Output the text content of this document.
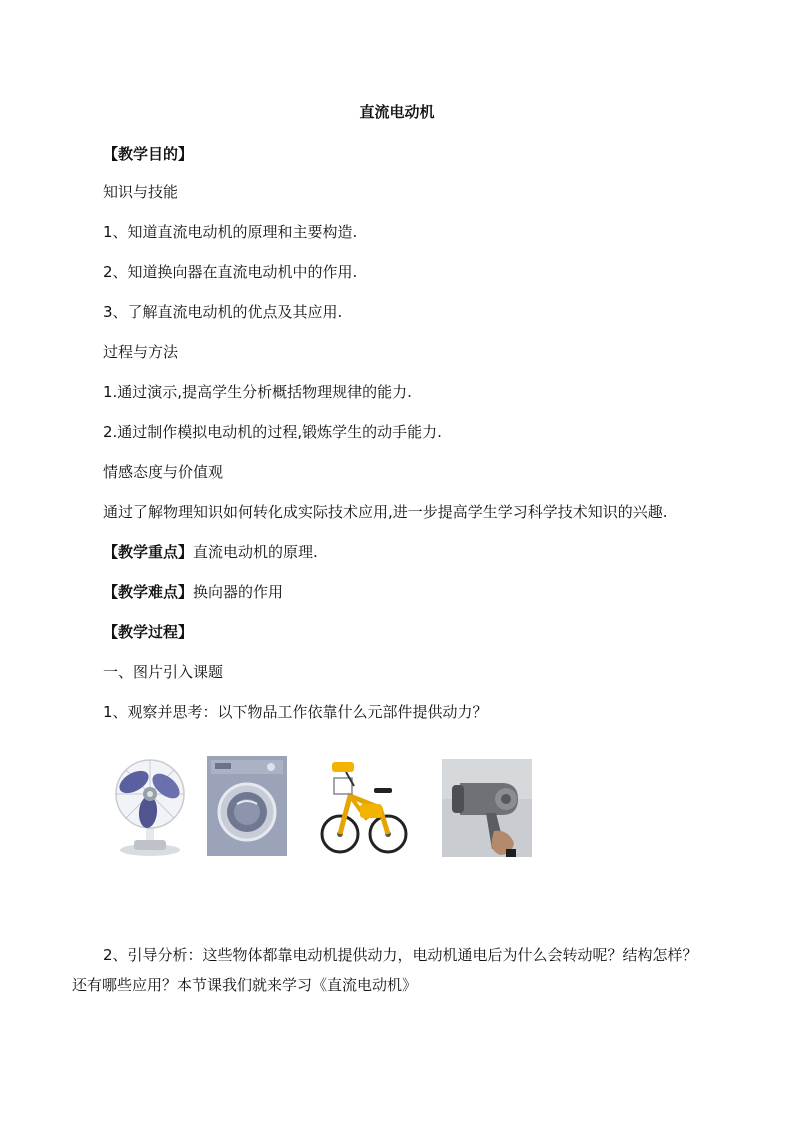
直流电动机
【教学目的】
知识与技能
1、知道直流电动机的原理和主要构造.
2、知道换向器在直流电动机中的作用.
3、了解直流电动机的优点及其应用.
过程与方法
1.通过演示,提高学生分析概括物理规律的能力.
2.通过制作模拟电动机的过程,锻炼学生的动手能力.
情感态度与价值观
通过了解物理知识如何转化成实际技术应用,进一步提高学生学习科学技术知识的兴趣.
【教学重点】直流电动机的原理.
【教学难点】换向器的作用
【教学过程】
一、图片引入课题
1、观察并思考：以下物品工作依靠什么元部件提供动力？
2、引导分析：这些物体都靠电动机提供动力，电动机通电后为什么会转动呢？结构怎样？
还有哪些应用？本节课我们就来学习《直流电动机》
